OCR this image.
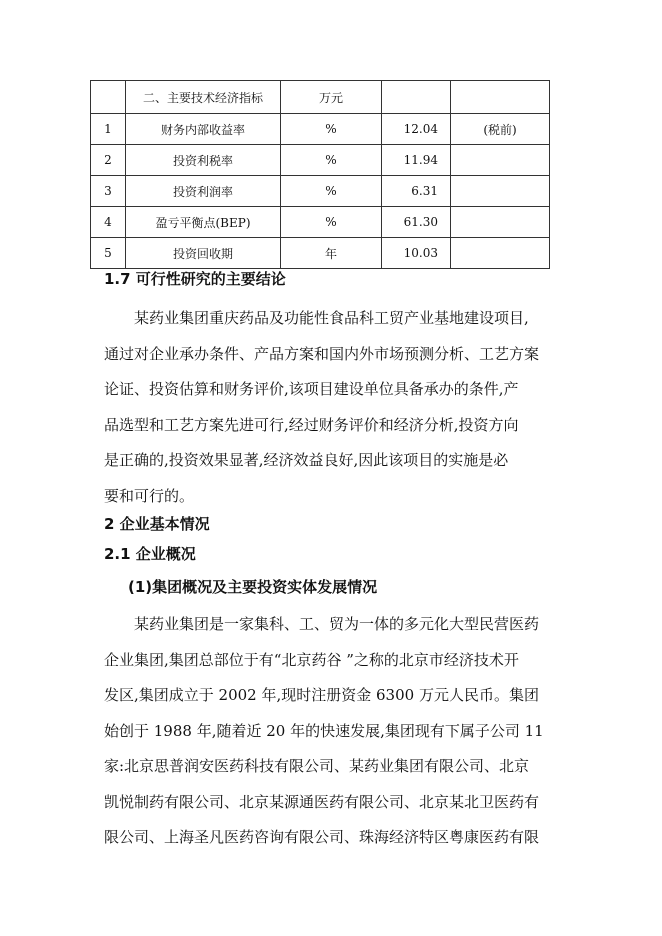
	二、主要技术经济指标	万元		
1	财务内部收益率	%	12.04	(税前)
2	投资利税率	%	11.94	
3	投资利润率	%	6.31	
4	盈亏平衡点(BEP)	%	61.30	
5	投资回收期	年	10.03	
1.7 可行性研究的主要结论
某药业集团重庆药品及功能性食品科工贸产业基地建设项目,
通过对企业承办条件、产品方案和国内外市场预测分析、工艺方案
论证、投资估算和财务评价,该项目建设单位具备承办的条件,产
品选型和工艺方案先进可行,经过财务评价和经济分析,投资方向
是正确的,投资效果显著,经济效益良好,因此该项目的实施是必
要和可行的。
2 企业基本情况
2.1 企业概况
(1)集团概况及主要投资实体发展情况
某药业集团是一家集科、工、贸为一体的多元化大型民营医药
企业集团,集团总部位于有“北京药谷 ”之称的北京市经济技术开
发区,集团成立于 2002 年,现时注册资金 6300 万元人民币。集团
始创于 1988 年,随着近 20 年的快速发展,集团现有下属子公司 11
家:北京思普润安医药科技有限公司、某药业集团有限公司、北京
凯悦制药有限公司、北京某源通医药有限公司、北京某北卫医药有
限公司、上海圣凡医药咨询有限公司、珠海经济特区粤康医药有限
